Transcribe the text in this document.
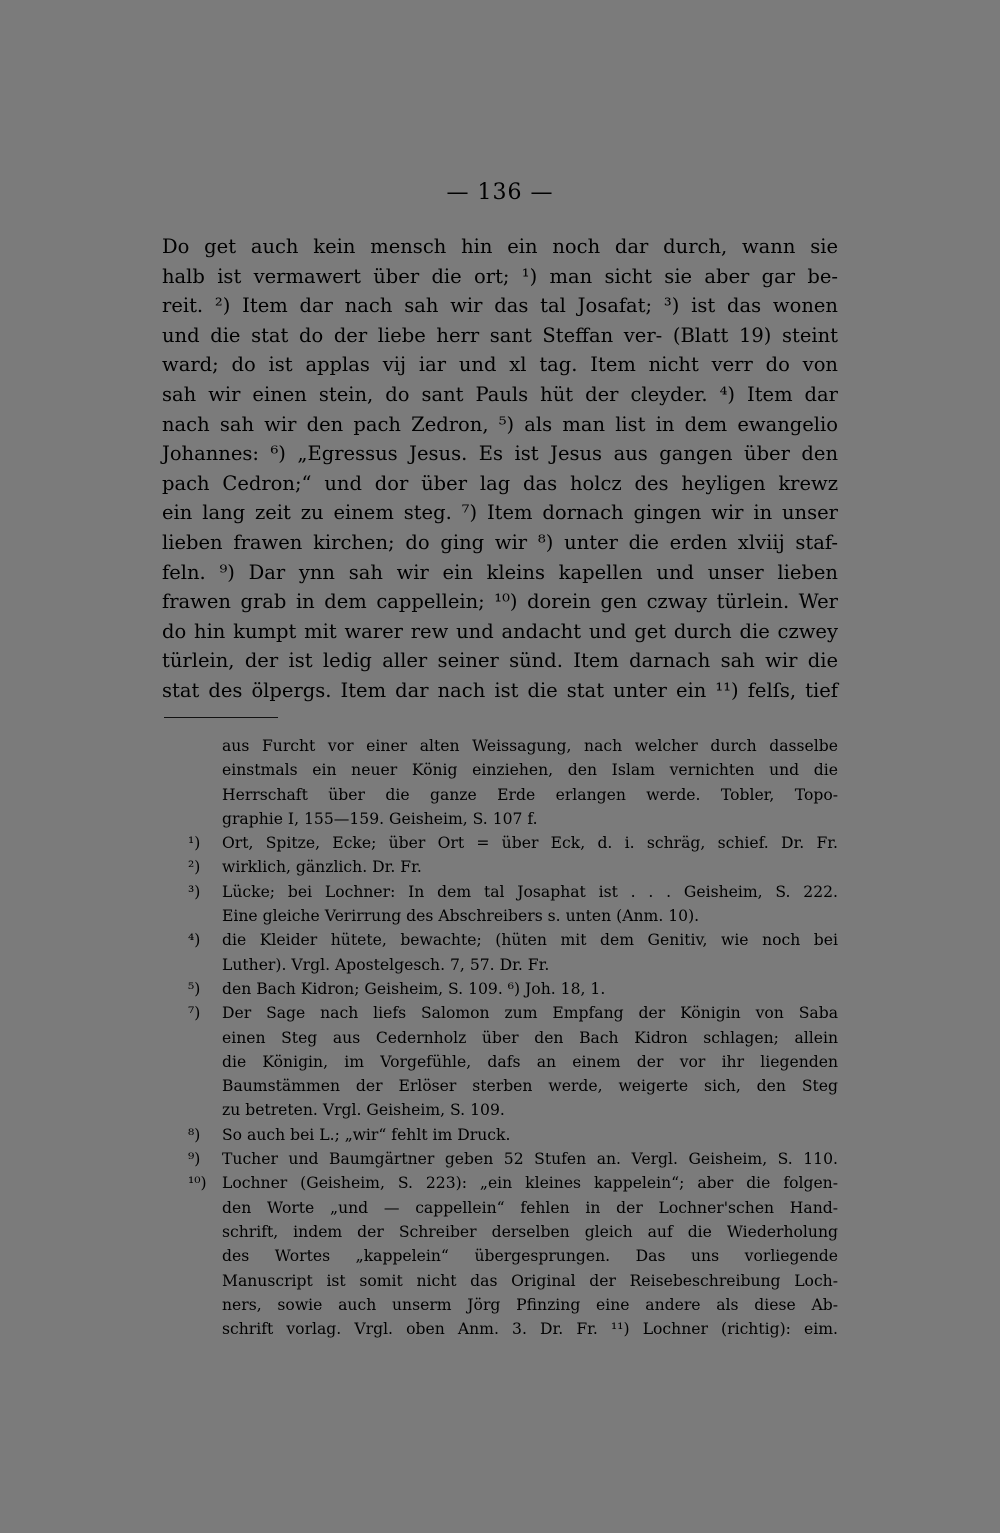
— 136 —
Do get auch kein mensch hin ein noch dar durch, wann sie
halb ist vermawert über die ort; ¹) man sicht sie aber gar be-
reit. ²) Item dar nach sah wir das tal Josafat; ³) ist das wonen
und die stat do der liebe herr sant Steffan ver- (Blatt 19) steint
ward; do ist applas vij iar und xl tag. Item nicht verr do von
sah wir einen stein, do sant Pauls hüt der cleyder. ⁴) Item dar
nach sah wir den pach Zedron, ⁵) als man list in dem ewangelio
Johannes: ⁶) „Egressus Jesus. Es ist Jesus aus gangen über den
pach Cedron;“ und dor über lag das holcz des heyligen krewz
ein lang zeit zu einem steg. ⁷) Item dornach gingen wir in unser
lieben frawen kirchen; do ging wir ⁸) unter die erden xlviij staf-
feln. ⁹) Dar ynn sah wir ein kleins kapellen und unser lieben
frawen grab in dem cappellein; ¹⁰) dorein gen czway türlein. Wer
do hin kumpt mit warer rew und andacht und get durch die czwey
türlein, der ist ledig aller seiner sünd. Item darnach sah wir die
stat des ölpergs. Item dar nach ist die stat unter ein ¹¹) felſs, tief
aus Furcht vor einer alten Weissagung, nach welcher durch dasselbe
einstmals ein neuer König einziehen, den Islam vernichten und die
Herrschaft über die ganze Erde erlangen werde. Tobler, Topo-
graphie I, 155—159. Geisheim, S. 107 f.
¹) Ort, Spitze, Ecke; über Ort = über Eck, d. i. schräg, schief. Dr. Fr.
²) wirklich, gänzlich. Dr. Fr.
³) Lücke; bei Lochner: In dem tal Josaphat ist . . . Geisheim, S. 222.
Eine gleiche Verirrung des Abschreibers s. unten (Anm. 10).
⁴) die Kleider hütete, bewachte; (hüten mit dem Genitiv, wie noch bei
Luther). Vrgl. Apostelgesch. 7, 57. Dr. Fr.
⁵) den Bach Kidron; Geisheim, S. 109. ⁶) Joh. 18, 1.
⁷) Der Sage nach liefs Salomon zum Empfang der Königin von Saba
einen Steg aus Cedernholz über den Bach Kidron schlagen; allein
die Königin, im Vorgefühle, dafs an einem der vor ihr liegenden
Baumstämmen der Erlöser sterben werde, weigerte sich, den Steg
zu betreten. Vrgl. Geisheim, S. 109.
⁸) So auch bei L.; „wir“ fehlt im Druck.
⁹) Tucher und Baumgärtner geben 52 Stufen an. Vergl. Geisheim, S. 110.
¹⁰) Lochner (Geisheim, S. 223): „ein kleines kappelein“; aber die folgen-
den Worte „und — cappellein“ fehlen in der Lochner'schen Hand-
schrift, indem der Schreiber derselben gleich auf die Wiederholung
des Wortes „kappelein“ übergesprungen. Das uns vorliegende
Manuscript ist somit nicht das Original der Reisebeschreibung Loch-
ners, sowie auch unserm Jörg Pfinzing eine andere als diese Ab-
schrift vorlag. Vrgl. oben Anm. 3. Dr. Fr. ¹¹) Lochner (richtig): eim.
